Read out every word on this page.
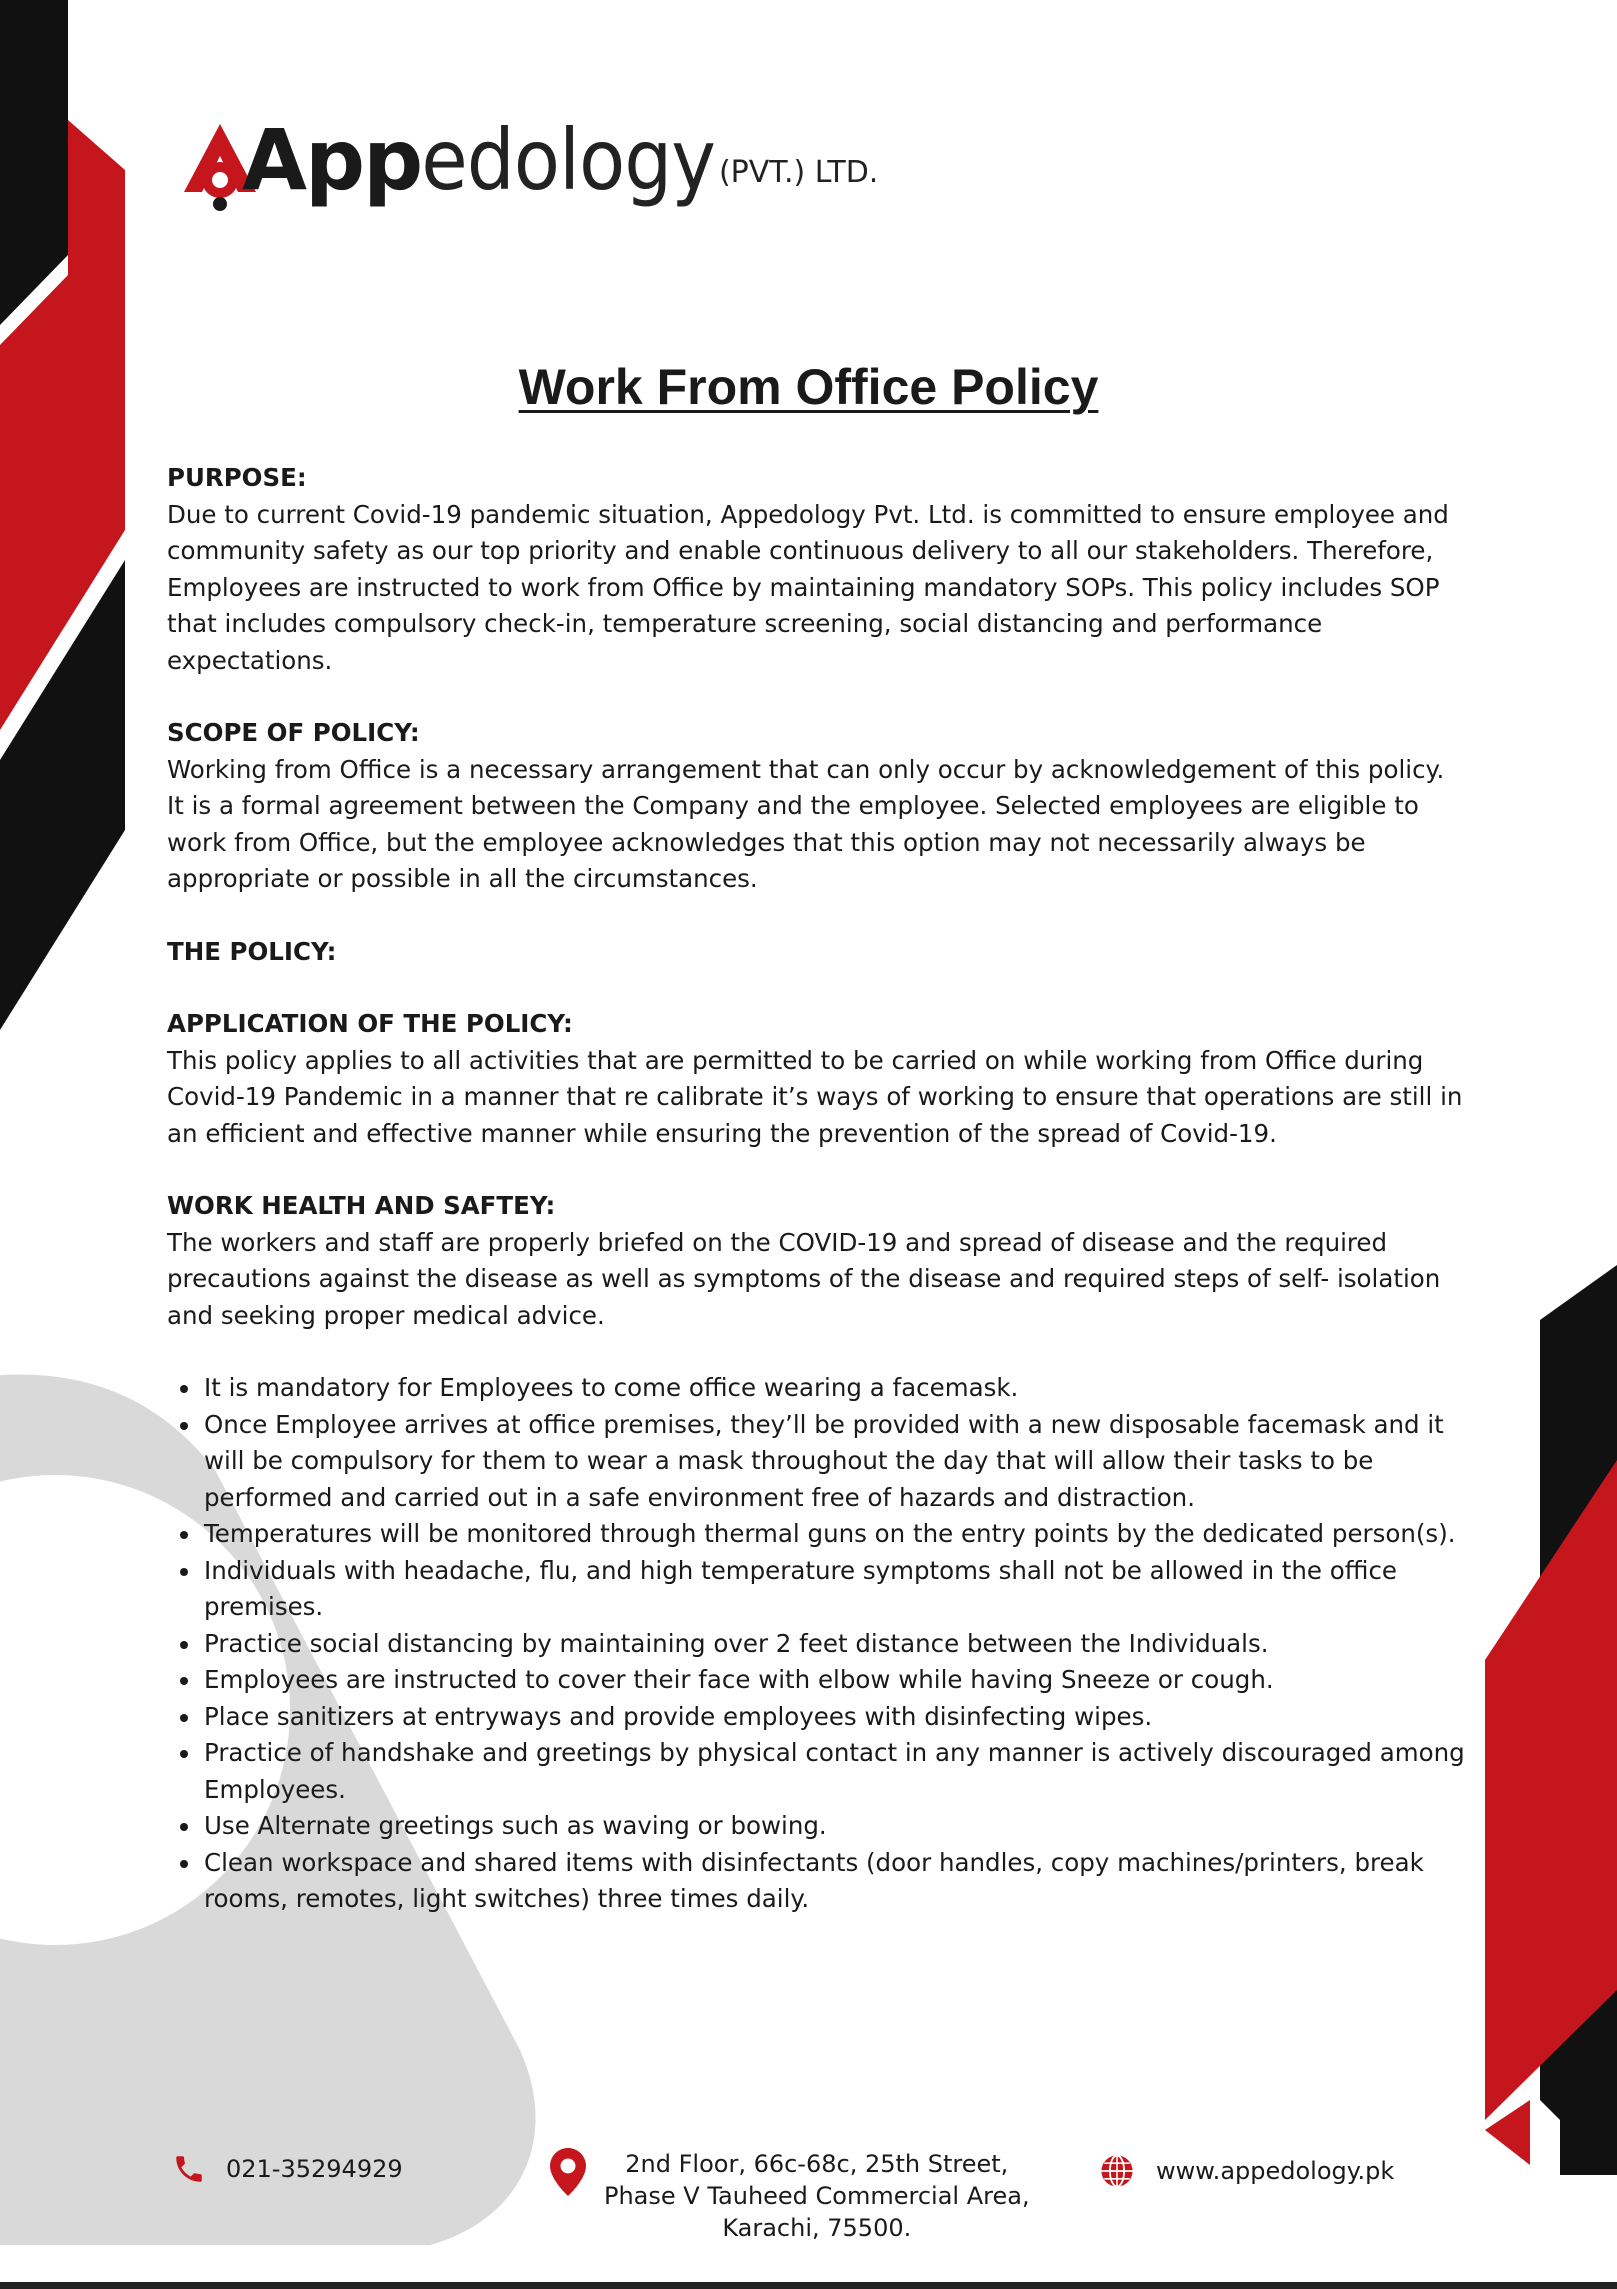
App edology (PVT.) LTD.
Work From Office Policy
PURPOSE:

Due to current Covid-19 pandemic situation, Appedology Pvt. Ltd. is committed to ensure employee and community safety as our top priority and enable continuous delivery to all our stakeholders. Therefore, Employees are instructed to work from Office by maintaining mandatory SOPs. This policy includes SOP that includes compulsory check-in, temperature screening, social distancing and performance expectations.

SCOPE OF POLICY:

Working from Office is a necessary arrangement that can only occur by acknowledgement of this policy. It is a formal agreement between the Company and the employee. Selected employees are eligible to work from Office, but the employee acknowledges that this option may not necessarily always be appropriate or possible in all the circumstances.

THE POLICY:
APPLICATION OF THE POLICY:

This policy applies to all activities that are permitted to be carried on while working from Office during Covid-19 Pandemic in a manner that re calibrate it’s ways of working to ensure that operations are still in an efficient and effective manner while ensuring the prevention of the spread of Covid-19.

WORK HEALTH AND SAFTEY:

The workers and staff are properly briefed on the COVID-19 and spread of disease and the required precautions against the disease as well as symptoms of the disease and required steps of self- isolation and seeking proper medical advice.

• It is mandatory for Employees to come office wearing a facemask.
• Once Employee arrives at office premises, they’ll be provided with a new disposable facemask and it will be compulsory for them to wear a mask throughout the day that will allow their tasks to be performed and carried out in a safe environment free of hazards and distraction.
• Temperatures will be monitored through thermal guns on the entry points by the dedicated person(s).
• Individuals with headache, flu, and high temperature symptoms shall not be allowed in the office premises.
• Practice social distancing by maintaining over 2 feet distance between the Individuals.
• Employees are instructed to cover their face with elbow while having Sneeze or cough.
• Place sanitizers at entryways and provide employees with disinfecting wipes.
• Practice of handshake and greetings by physical contact in any manner is actively discouraged among Employees.
• Use Alternate greetings such as waving or bowing.
• Clean workspace and shared items with disinfectants (door handles, copy machines/printers, break rooms, remotes, light switches) three times daily.
021-35294929	2nd Floor, 66c-68c, 25th Street,
Phase V Tauheed Commercial Area,
Karachi, 75500.
www.appedology.pk
